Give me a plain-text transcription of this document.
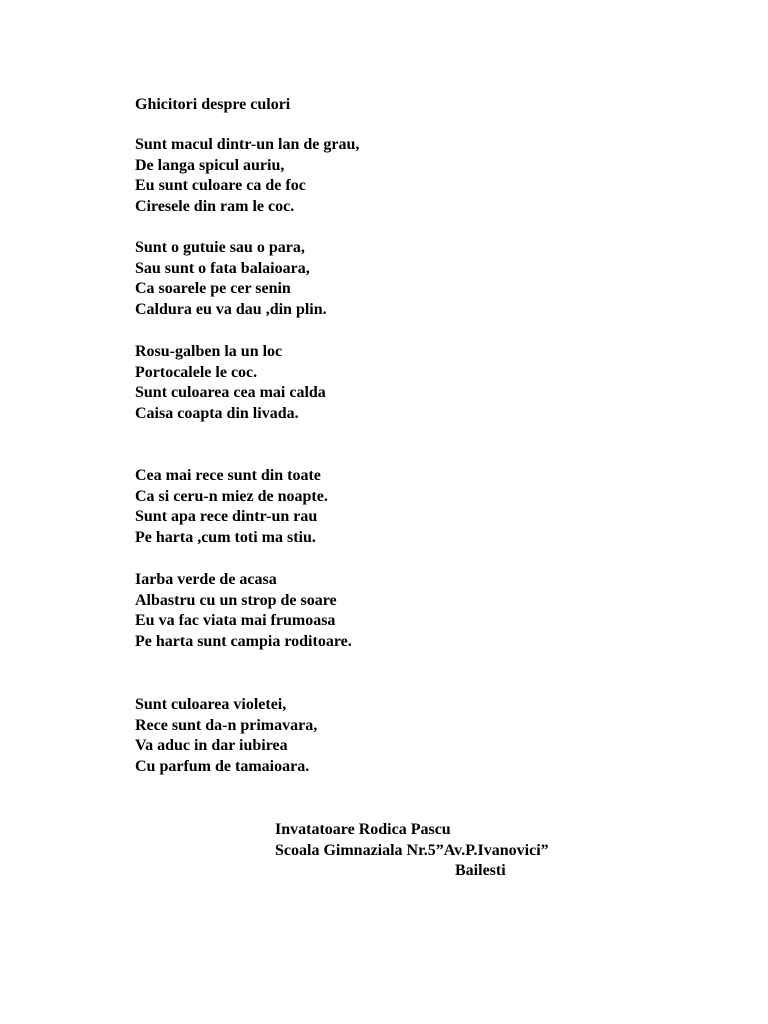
Ghicitori despre culori
Sunt macul dintr-un lan de grau,
De langa spicul auriu,
Eu sunt culoare ca de foc
Ciresele din ram le coc.
Sunt o gutuie sau o para,
Sau sunt o fata balaioara,
Ca soarele pe cer senin
Caldura eu va dau ,din plin.
Rosu-galben la un loc
Portocalele le coc.
Sunt culoarea cea mai calda
Caisa coapta din livada.
Cea mai rece sunt din toate
Ca si ceru-n miez de noapte.
Sunt apa rece dintr-un rau
Pe harta ,cum toti ma stiu.
Iarba verde de acasa
Albastru cu un strop de soare
Eu va fac viata mai frumoasa
Pe harta sunt campia roditoare.
Sunt culoarea violetei,
Rece sunt da-n primavara,
Va aduc in dar iubirea
Cu parfum de tamaioara.
Invatatoare Rodica Pascu
Scoala Gimnaziala Nr.5”Av.P.Ivanovici”
Bailesti
